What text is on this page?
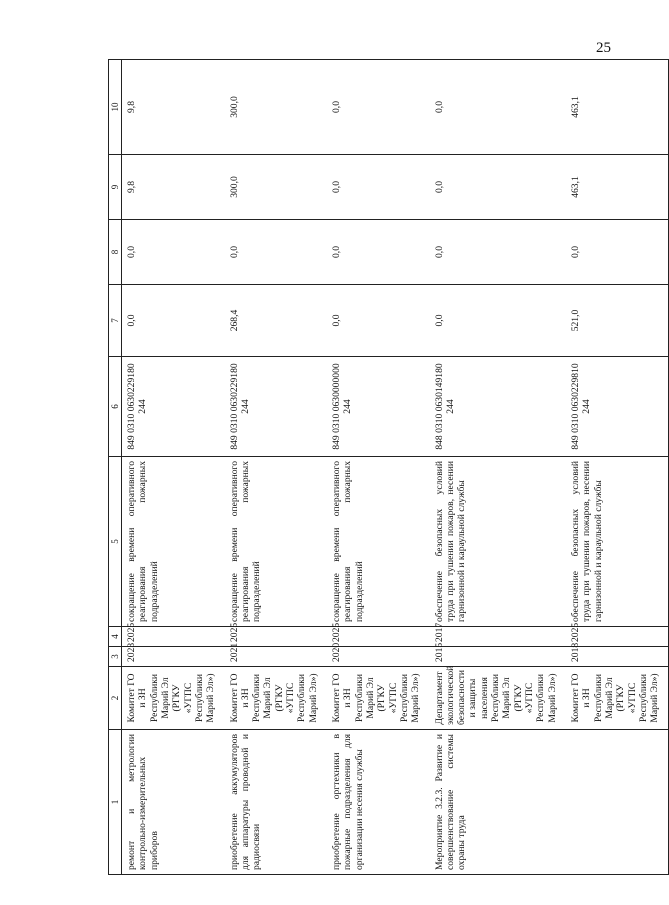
25
1	2	3	4	5	6	7	8	9	10
ремонт и метрологии контрольно-измерительных приборов	Комитет ГО и ЗН Республики Марий Эл (РГКУ «УГПС Республики Марий Эл»)	2023	2025	сокращение времени оперативного реагирования пожарных подразделений	849 0310 0630229180 244	0,0	0,0	9,8	9,8
приобретение аккумуляторов для аппаратуры проводной и радиосвязи	Комитет ГО и ЗН Республики Марий Эл (РГКУ «УГПС Республики Марий Эл»)	2021	2025	сокращение времени оперативного реагирования пожарных подразделений	849 0310 0630229180 244	268,4	0,0	300,0	300,0
приобретение оргтехники в пожарные подразделения для организации несения службы	Комитет ГО и ЗН Республики Марий Эл (РГКУ «УГПС Республики Марий Эл»)	2020	2025	сокращение времени оперативного реагирования пожарных подразделений	849 0310 0630000000 244	0,0	0,0	0,0	0,0
Мероприятие 3.2.3. Развитие и совершенствование системы охраны труда	Департамент экологической безопасности и защиты населения Республики Марий Эл (РГКУ «УГПС Республики Марий Эл»)	2015	2017	обеспечение безопасных условий труда при тушении пожаров, несении гарнизонной и караульной службы	848 0310 0630149180 244	0,0	0,0	0,0	0,0
	Комитет ГО и ЗН Республики Марий Эл (РГКУ «УГПС Республики Марий Эл»)	2018	2025	обеспечение безопасных условий труда при тушении пожаров, несении гарнизонной и караульной службы	849 0310 0630229810 244	521,0	0,0	463,1	463,1
